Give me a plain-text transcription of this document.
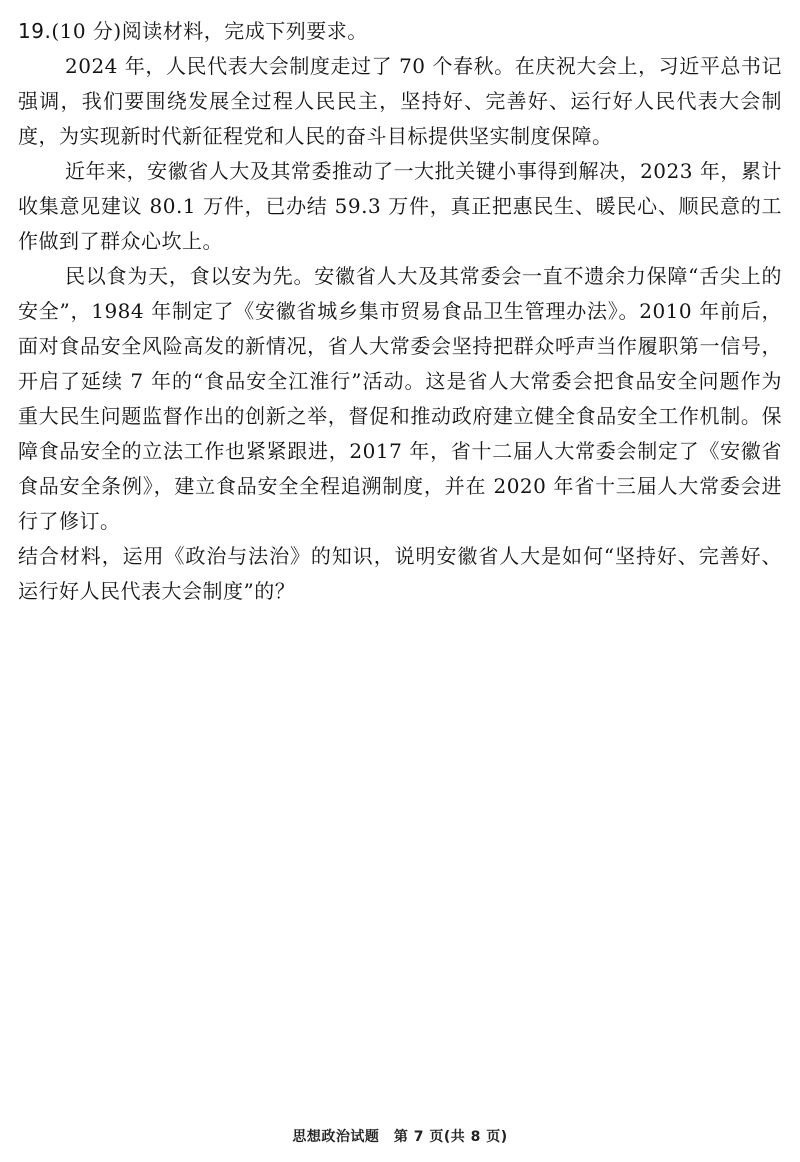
19.(10 分)阅读材料，完成下列要求。

2024 年，人民代表大会制度走过了 70 个春秋。在庆祝大会上，习近平总书记强调，我们要围绕发展全过程人民民主，坚持好、完善好、运行好人民代表大会制度，为实现新时代新征程党和人民的奋斗目标提供坚实制度保障。

近年来，安徽省人大及其常委推动了一大批关键小事得到解决，2023 年，累计收集意见建议 80.1 万件，已办结 59.3 万件，真正把惠民生、暖民心、顺民意的工作做到了群众心坎上。

民以食为天，食以安为先。安徽省人大及其常委会一直不遗余力保障“舌尖上的安全”，1984 年制定了《安徽省城乡集市贸易食品卫生管理办法》。2010 年前后，面对食品安全风险高发的新情况，省人大常委会坚持把群众呼声当作履职第一信号，开启了延续 7 年的“食品安全江淮行”活动。这是省人大常委会把食品安全问题作为重大民生问题监督作出的创新之举，督促和推动政府建立健全食品安全工作机制。保障食品安全的立法工作也紧紧跟进，2017 年，省十二届人大常委会制定了《安徽省食品安全条例》，建立食品安全全程追溯制度，并在 2020 年省十三届人大常委会进行了修订。

结合材料，运用《政治与法治》的知识，说明安徽省人大是如何“坚持好、完善好、运行好人民代表大会制度”的？

思想政治试题　第 7 页(共 8 页)
